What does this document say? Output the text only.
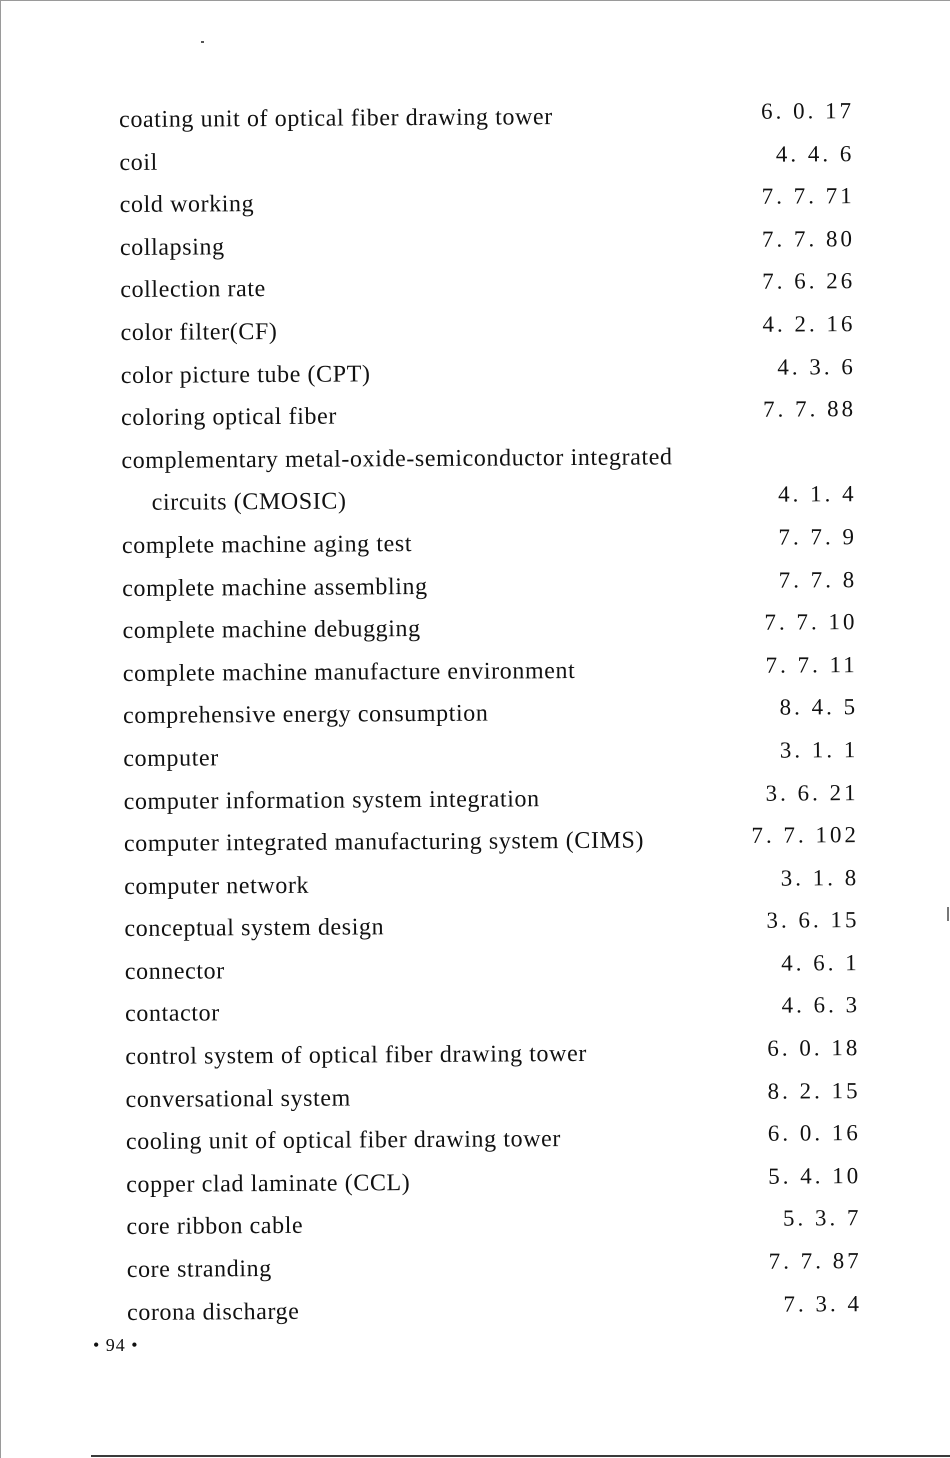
coating unit of optical fiber drawing tower	6. 0. 17
coil	4. 4. 6
cold working	7. 7. 71
collapsing	7. 7. 80
collection rate	7. 6. 26
color filter(CF)	4. 2. 16
color picture tube (CPT)	4. 3. 6
coloring optical fiber	7. 7. 88
complementary metal-oxide-semiconductor integrated
circuits (CMOSIC)	4. 1. 4
complete machine aging test	7. 7. 9
complete machine assembling	7. 7. 8
complete machine debugging	7. 7. 10
complete machine manufacture environment	7. 7. 11
comprehensive energy consumption	8. 4. 5
computer	3. 1. 1
computer information system integration	3. 6. 21
computer integrated manufacturing system (CIMS)	7. 7. 102
computer network	3. 1. 8
conceptual system design	3. 6. 15
connector	4. 6. 1
contactor	4. 6. 3
control system of optical fiber drawing tower	6. 0. 18
conversational system	8. 2. 15
cooling unit of optical fiber drawing tower	6. 0. 16
copper clad laminate (CCL)	5. 4. 10
core ribbon cable	5. 3. 7
core stranding	7. 7. 87
corona discharge	7. 3. 4
• 94 •
